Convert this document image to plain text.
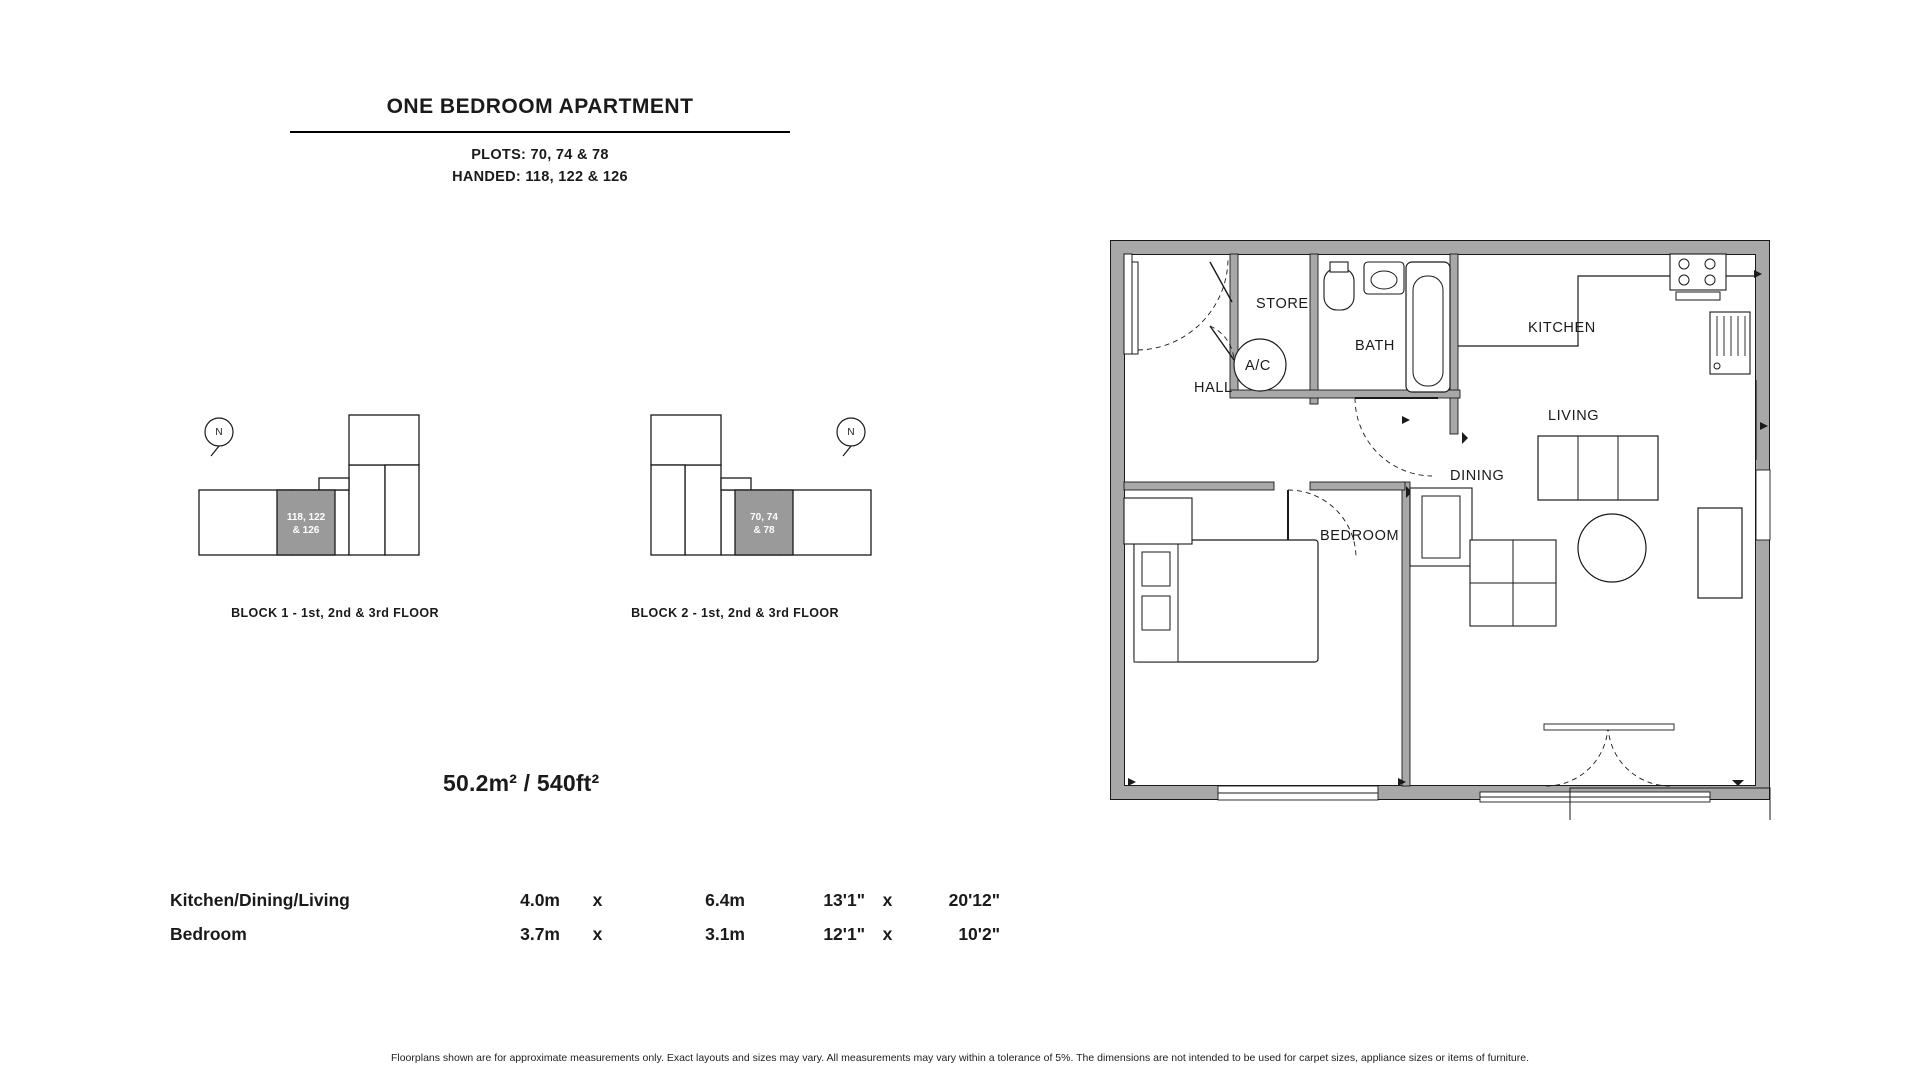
ONE BEDROOM APARTMENT
PLOTS: 70, 74 & 78
HANDED: 118, 122 & 126
N
118, 122
& 126
BLOCK 1 - 1st, 2nd & 3rd FLOOR
N
70, 74
& 78
BLOCK 2 - 1st, 2nd & 3rd FLOOR
50.2m² / 540ft²
Kitchen/Dining/Living	4.0m	x	6.4m	13'1"	x	20'12"
Bedroom	3.7m	x	3.1m	12'1"	x	10'2"
Floorplans shown are for approximate measurements only. Exact layouts and sizes may vary. All measurements may vary within a tolerance of 5%. The dimensions are not intended to be used for carpet sizes, appliance sizes or items of furniture.
STORE
BATH
KITCHEN
A/C
HALL
LIVING
DINING
BEDROOM
